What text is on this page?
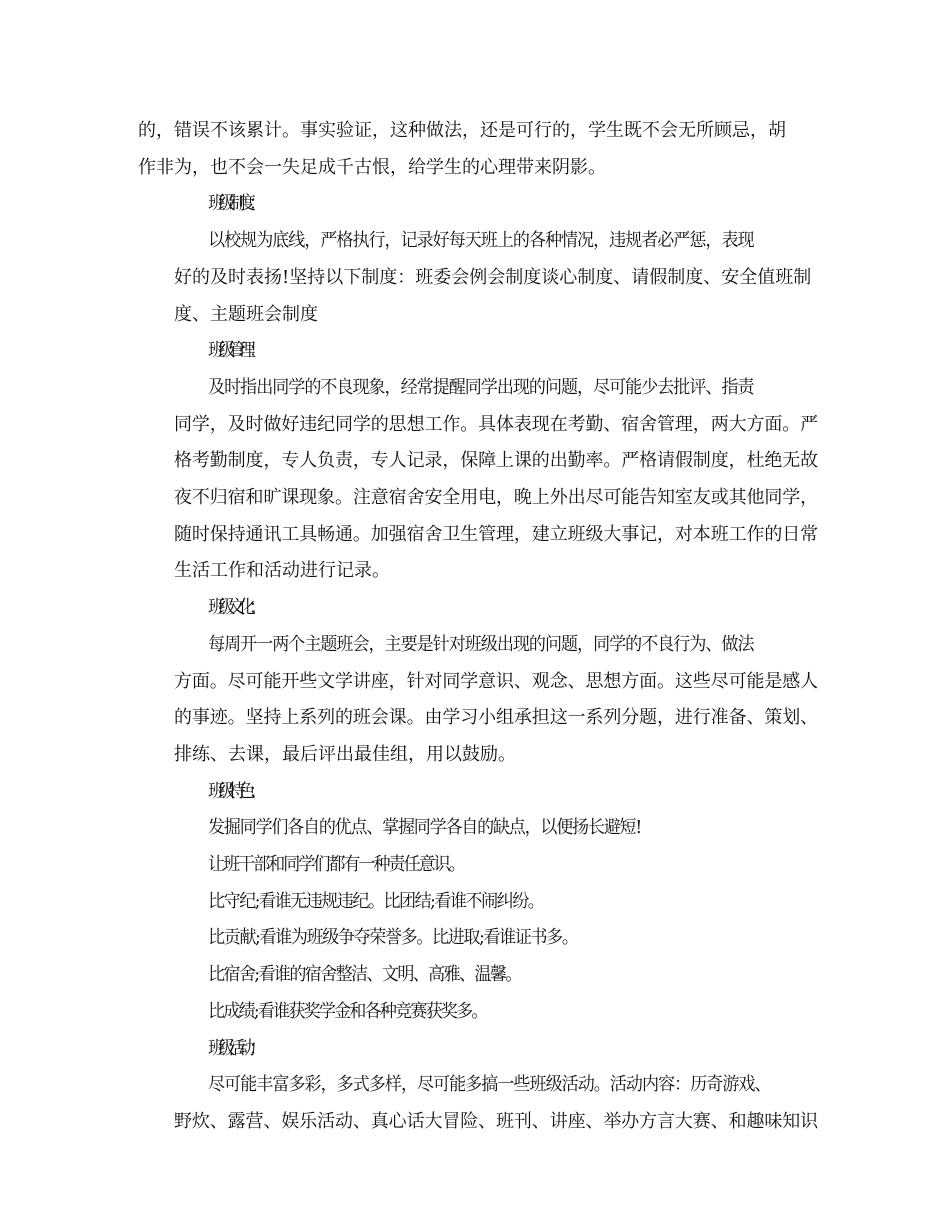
的，错误不该累计。事实验证，这种做法，还是可行的，学生既不会无所顾忌，胡
作非为，也不会一失足成千古恨，给学生的心理带来阴影。
班级制度：
以校规为底线，严格执行，记录好每天班上的各种情况，违规者必严惩，表现
好的及时表扬!坚持以下制度：班委会例会制度谈心制度、请假制度、安全值班制
度、主题班会制度
班级管理：
及时指出同学的不良现象，经常提醒同学出现的问题，尽可能少去批评、指责
同学，及时做好违纪同学的思想工作。具体表现在考勤、宿舍管理，两大方面。严
格考勤制度，专人负责，专人记录，保障上课的出勤率。严格请假制度，杜绝无故
夜不归宿和旷课现象。注意宿舍安全用电，晚上外出尽可能告知室友或其他同学，
随时保持通讯工具畅通。加强宿舍卫生管理，建立班级大事记，对本班工作的日常
生活工作和活动进行记录。
班级文化：
每周开一两个主题班会，主要是针对班级出现的问题，同学的不良行为、做法
方面。尽可能开些文学讲座，针对同学意识、观念、思想方面。这些尽可能是感人
的事迹。坚持上系列的班会课。由学习小组承担这一系列分题，进行准备、策划、
排练、去课，最后评出最佳组，用以鼓励。
班级特色：
发掘同学们各自的优点、掌握同学各自的缺点，以便扬长避短!
让班干部和同学们都有一种责任意识。
比守纪;看谁无违规违纪。比团结;看谁不闹纠纷。
比贡献;看谁为班级争夺荣誉多。比进取;看谁证书多。
比宿舍;看谁的宿舍整洁、文明、高雅、温馨。
比成绩;看谁获奖学金和各种竞赛获奖多。
班级活动：
尽可能丰富多彩，多式多样，尽可能多搞一些班级活动。活动内容：历奇游戏、
野炊、露营、娱乐活动、真心话大冒险、班刊、讲座、举办方言大赛、和趣味知识
